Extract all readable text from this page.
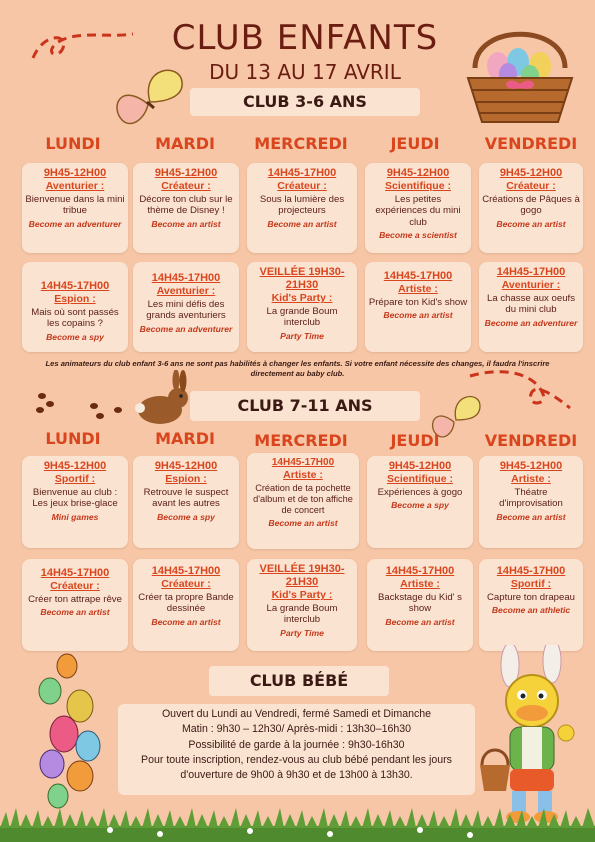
CLUB ENFANTS
DU 13 AU 17 AVRIL
CLUB 3-6 ANS
LUNDI	MARDI	MERCREDI	JEUDI	VENDREDI
9H45-12H00
Aventurier :
Bienvenue dans la mini tribue
Become an adventurer
9H45-12H00
Créateur :
Décore ton club sur le thème de Disney !
Become an artist
14H45-17H00
Créateur :
Sous la lumière des projecteurs
Become an artist
9H45-12H00
Scientifique :
Les petites expériences du mini club
Become a scientist
9H45-12H00
Créateur :
Créations de Pâques à gogo
Become an artist
14H45-17H00
Espion :
Mais où sont passés les copains ?
Become a spy
14H45-17H00
Aventurier :
Les mini défis des grands aventuriers
Become an adventurer
VEILLÉE 19H30-21H30
Kid's Party :
La grande Boum interclub
Party Time
14H45-17H00
Artiste :
Prépare ton Kid's show
Become an artist
14H45-17H00
Aventurier :
La chasse aux oeufs du mini club
Become an adventurer
Les animateurs du club enfant 3-6 ans ne sont pas habilités à changer les enfants. Si votre enfant nécessite des changes, il faudra l'inscrire directement au baby club.
CLUB 7-11 ANS
LUNDI	MARDI	MERCREDI	JEUDI	VENDREDI
9H45-12H00
Sportif :
Bienvenue au club : Les jeux brise-glace
Mini games
9H45-12H00
Espion :
Retrouve le suspect avant les autres
Become a spy
14H45-17H00
Artiste :
Création de ta pochette d'album et de ton affiche de concert
Become an artist
9H45-12H00
Scientifique :
Expériences à gogo
Become a spy
9H45-12H00
Artiste :
Théatre d'improvisation
Become an artist
14H45-17H00
Créateur :
Créer ton attrape rêve
Become an artist
14H45-17H00
Créateur :
Créer ta propre Bande dessinée
Become an artist
VEILLÉE 19H30-21H30
Kid's Party :
La grande Boum interclub
Party Time
14H45-17H00
Artiste :
Backstage du Kid' s show
Become an artist
14H45-17H00
Sportif :
Capture ton drapeau
Become an athletic
CLUB BÉBÉ
Ouvert du Lundi au Vendredi, fermé Samedi et Dimanche
Matin : 9h30 – 12h30/ Après-midi : 13h30–16h30
Possibilité de garde à la journée : 9h30-16h30
Pour toute inscription, rendez-vous au club bébé pendant les jours d'ouverture de 9h00 à 9h30 et de 13h00 à 13h30.
